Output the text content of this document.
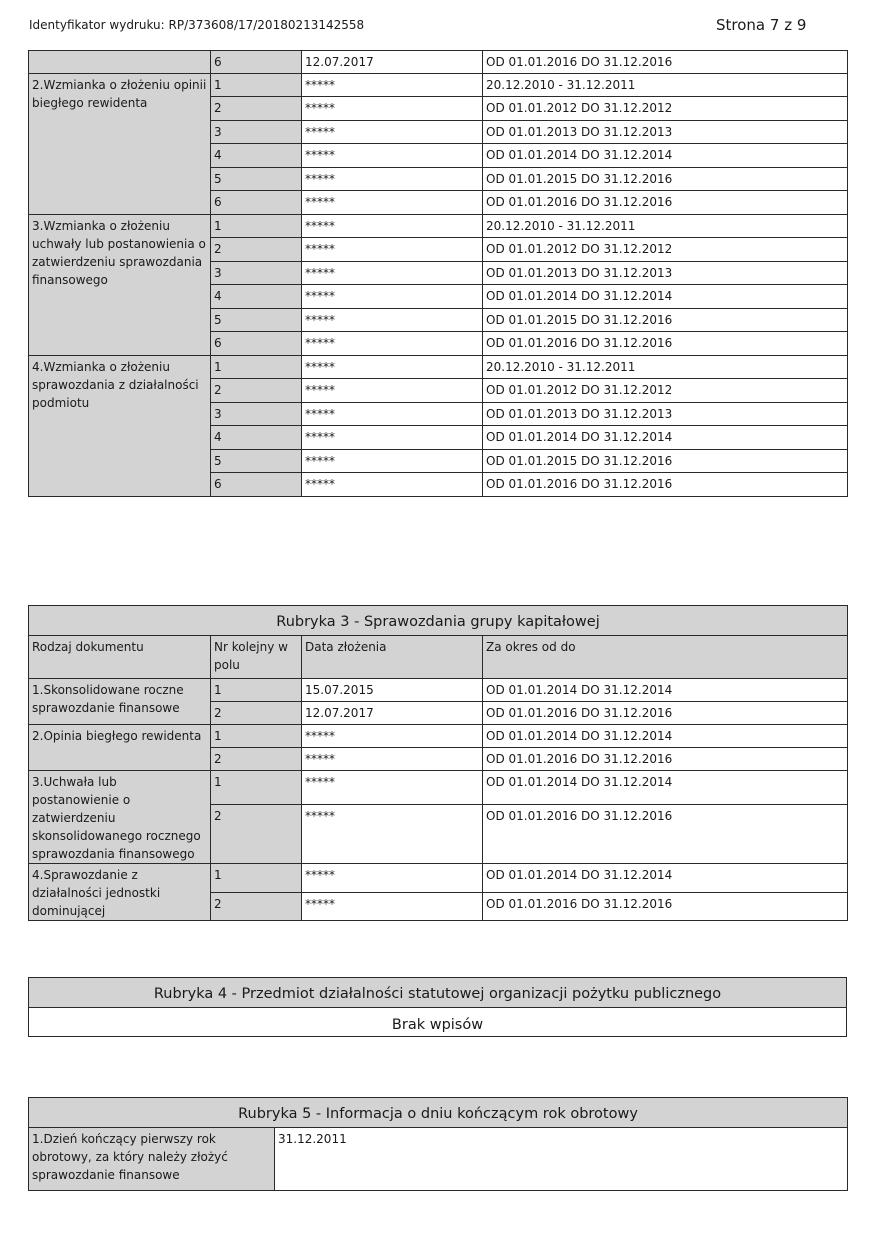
Identyfikator wydruku: RP/373608/17/20180213142558	Strona 7 z 9
	6	12.07.2017	OD 01.01.2016 DO 31.12.2016
2.Wzmianka o złożeniu opinii biegłego rewidenta	1	*****	20.12.2010 - 31.12.2011
	2	*****	OD 01.01.2012 DO 31.12.2012
	3	*****	OD 01.01.2013 DO 31.12.2013
	4	*****	OD 01.01.2014 DO 31.12.2014
	5	*****	OD 01.01.2015 DO 31.12.2016
	6	*****	OD 01.01.2016 DO 31.12.2016
3.Wzmianka o złożeniu uchwały lub postanowienia o zatwierdzeniu sprawozdania finansowego	1	*****	20.12.2010 - 31.12.2011
	2	*****	OD 01.01.2012 DO 31.12.2012
	3	*****	OD 01.01.2013 DO 31.12.2013
	4	*****	OD 01.01.2014 DO 31.12.2014
	5	*****	OD 01.01.2015 DO 31.12.2016
	6	*****	OD 01.01.2016 DO 31.12.2016
4.Wzmianka o złożeniu sprawozdania z działalności podmiotu	1	*****	20.12.2010 - 31.12.2011
	2	*****	OD 01.01.2012 DO 31.12.2012
	3	*****	OD 01.01.2013 DO 31.12.2013
	4	*****	OD 01.01.2014 DO 31.12.2014
	5	*****	OD 01.01.2015 DO 31.12.2016
	6	*****	OD 01.01.2016 DO 31.12.2016
Rubryka 3 - Sprawozdania grupy kapitałowej			
Rodzaj dokumentu	Nr kolejny w polu	Data złożenia	Za okres od do
1.Skonsolidowane roczne sprawozdanie finansowe	1	15.07.2015	OD 01.01.2014 DO 31.12.2014
	2	12.07.2017	OD 01.01.2016 DO 31.12.2016
2.Opinia biegłego rewidenta	1	*****	OD 01.01.2014 DO 31.12.2014
	2	*****	OD 01.01.2016 DO 31.12.2016
3.Uchwała lub postanowienie o zatwierdzeniu skonsolidowanego rocznego sprawozdania finansowego	1	*****	OD 01.01.2014 DO 31.12.2014
	2	*****	OD 01.01.2016 DO 31.12.2016
4.Sprawozdanie z działalności jednostki dominującej	1	*****	OD 01.01.2014 DO 31.12.2014
	2	*****	OD 01.01.2016 DO 31.12.2016
Rubryka 4 - Przedmiot działalności statutowej organizacji pożytku publicznego
Brak wpisów
Rubryka 5 - Informacja o dniu kończącym rok obrotowy
1.Dzień kończący pierwszy rok obrotowy, za który należy złożyć sprawozdanie finansowe	31.12.2011
